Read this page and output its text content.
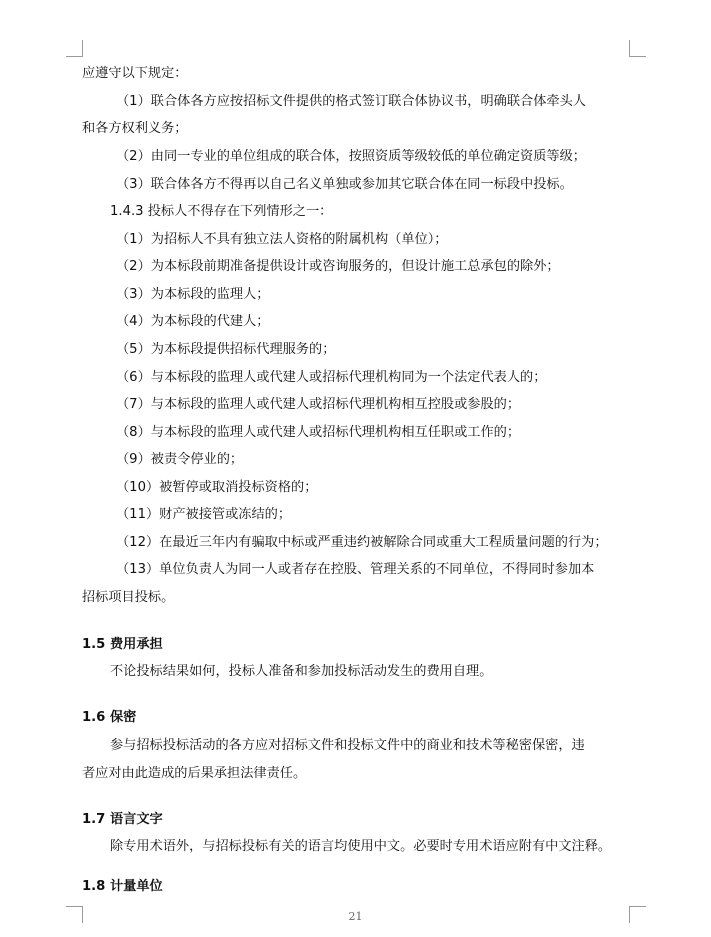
应遵守以下规定：
（1）联合体各方应按招标文件提供的格式签订联合体协议书，明确联合体牵头人
和各方权利义务；
（2）由同一专业的单位组成的联合体，按照资质等级较低的单位确定资质等级；
（3）联合体各方不得再以自己名义单独或参加其它联合体在同一标段中投标。
1.4.3 投标人不得存在下列情形之一：
（1）为招标人不具有独立法人资格的附属机构（单位）；
（2）为本标段前期准备提供设计或咨询服务的，但设计施工总承包的除外；
（3）为本标段的监理人；
（4）为本标段的代建人；
（5）为本标段提供招标代理服务的；
（6）与本标段的监理人或代建人或招标代理机构同为一个法定代表人的；
（7）与本标段的监理人或代建人或招标代理机构相互控股或参股的；
（8）与本标段的监理人或代建人或招标代理机构相互任职或工作的；
（9）被责令停业的；
（10）被暂停或取消投标资格的；
（11）财产被接管或冻结的；
（12）在最近三年内有骗取中标或严重违约被解除合同或重大工程质量问题的行为；
（13）单位负责人为同一人或者存在控股、管理关系的不同单位，不得同时参加本
招标项目投标。
1.5 费用承担
不论投标结果如何，投标人准备和参加投标活动发生的费用自理。
1.6 保密
参与招标投标活动的各方应对招标文件和投标文件中的商业和技术等秘密保密，违
者应对由此造成的后果承担法律责任。
1.7 语言文字
除专用术语外，与招标投标有关的语言均使用中文。必要时专用术语应附有中文注释。
1.8 计量单位
21
